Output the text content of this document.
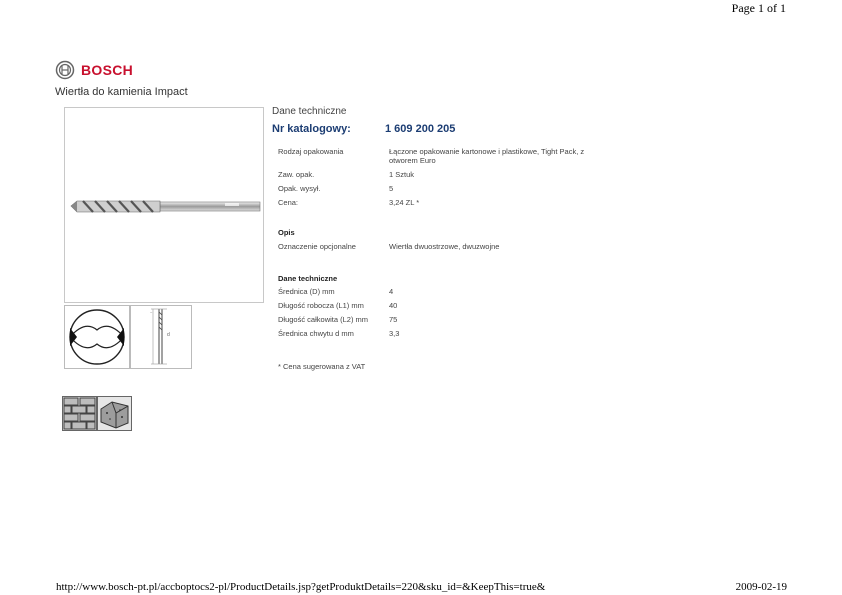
Page 1 of 1
BOSCH
Wiertła do kamienia Impact
~
d
Dane techniczne
Nr katalogowy:	1 609 200 205
Rodzaj opakowania	Łączone opakowanie kartonowe i plastikowe, Tight Pack, z otworem Euro
Zaw. opak.	1 Sztuk
Opak. wysył.	5
Cena:	3,24 ZL *
Opis
Oznaczenie opcjonalne	Wiertła dwuostrzowe, dwuzwojne
Dane techniczne
Średnica (D) mm	4
Długość robocza (L1) mm	40
Długość całkowita (L2) mm	75
Średnica chwytu d mm	3,3
* Cena sugerowana z VAT
http://www.bosch-pt.pl/accboptocs2-pl/ProductDetails.jsp?getProduktDetails=220&sku_id=&KeepThis=true&	2009-02-19
